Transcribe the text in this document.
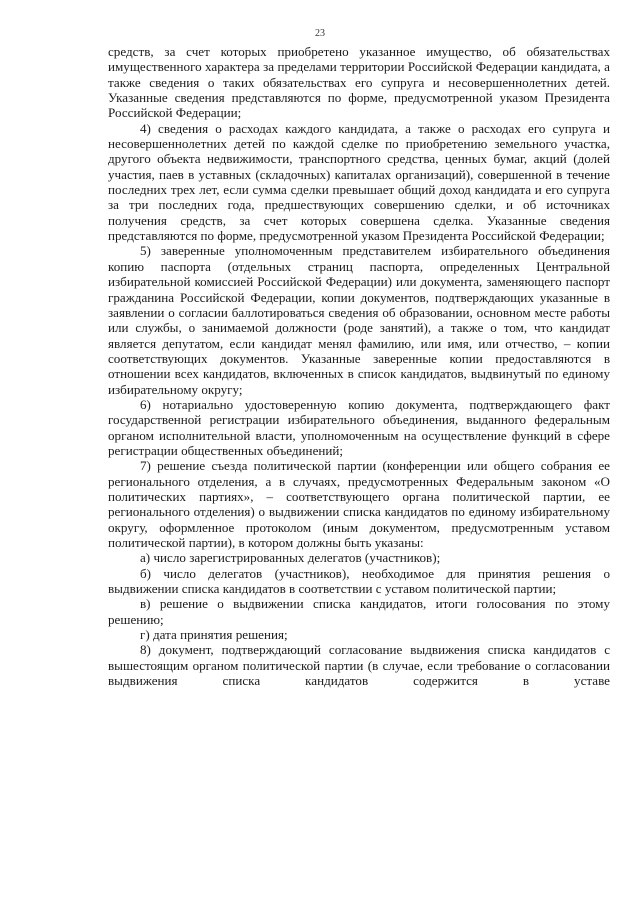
23

средств, за счет которых приобретено указанное имущество, об обязательствах имущественного характера за пределами территории Российской Федерации кандидата, а также сведения о таких обязательствах его супруга и несовершеннолетних детей. Указанные сведения представляются по форме, предусмотренной указом Президента Российской Федерации;

4) сведения о расходах каждого кандидата, а также о расходах его супруга и несовершеннолетних детей по каждой сделке по приобретению земельного участка, другого объекта недвижимости, транспортного средства, ценных бумаг, акций (долей участия, паев в уставных (складочных) капиталах организаций), совершенной в течение последних трех лет, если сумма сделки превышает общий доход кандидата и его супруга за три последних года, предшествующих совершению сделки, и об источниках получения средств, за счет которых совершена сделка. Указанные сведения представляются по форме, предусмотренной указом Президента Российской Федерации;

5) заверенные уполномоченным представителем избирательного объединения копию паспорта (отдельных страниц паспорта, определенных Центральной избирательной комиссией Российской Федерации) или документа, заменяющего паспорт гражданина Российской Федерации, копии документов, подтверждающих указанные в заявлении о согласии баллотироваться сведения об образовании, основном месте работы или службы, о занимаемой должности (роде занятий), а также о том, что кандидат является депутатом, если кандидат менял фамилию, или имя, или отчество, – копии соответствующих документов. Указанные заверенные копии предоставляются в отношении всех кандидатов, включенных в список кандидатов, выдвинутый по единому избирательному округу;

6) нотариально удостоверенную копию документа, подтверждающего факт государственной регистрации избирательного объединения, выданного федеральным органом исполнительной власти, уполномоченным на осуществление функций в сфере регистрации общественных объединений;

7) решение съезда политической партии (конференции или общего собрания ее регионального отделения, а в случаях, предусмотренных Федеральным законом «О политических партиях», – соответствующего органа политической партии, ее регионального отделения) о выдвижении списка кандидатов по единому избирательному округу, оформленное протоколом (иным документом, предусмотренным уставом политической партии), в котором должны быть указаны:

а) число зарегистрированных делегатов (участников);

б) число делегатов (участников), необходимое для принятия решения о выдвижении списка кандидатов в соответствии с уставом политической партии;

в) решение о выдвижении списка кандидатов, итоги голосования по этому решению;

г) дата принятия решения;

8) документ, подтверждающий согласование выдвижения списка кандидатов с вышестоящим органом политической партии (в случае, если требование о согласовании выдвижения списка кандидатов содержится в уставе
